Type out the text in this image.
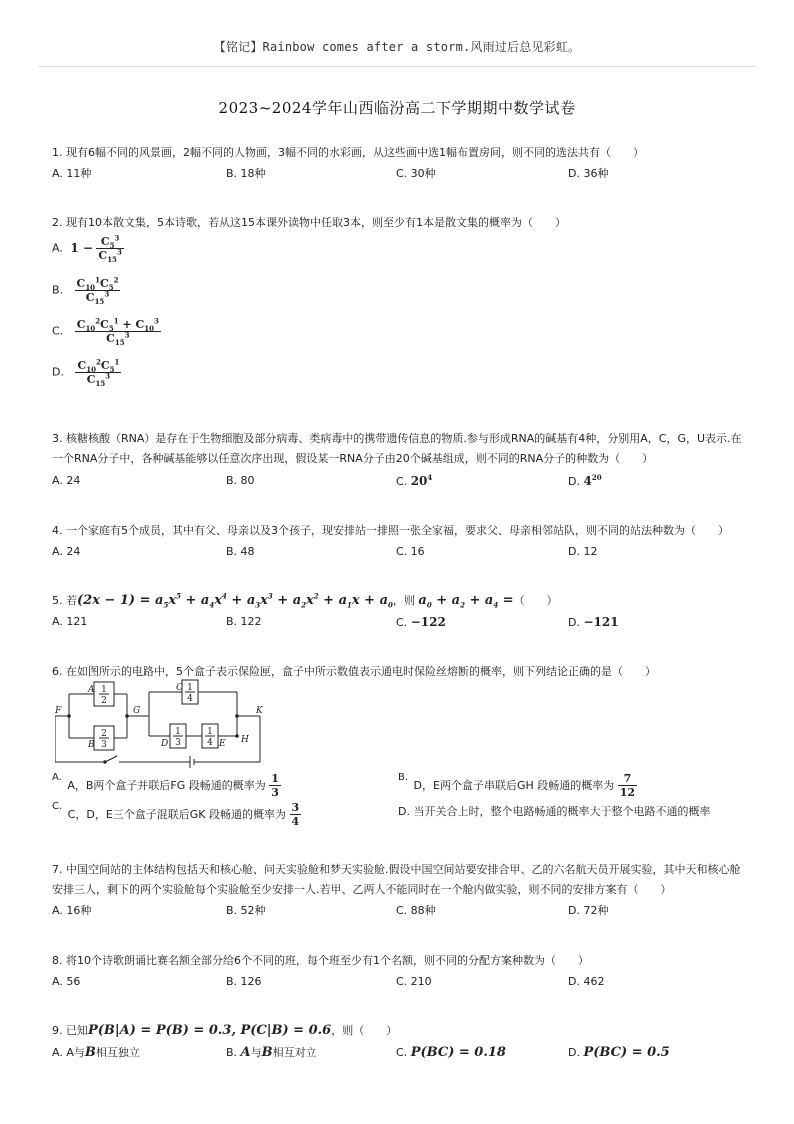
【铭记】Rainbow comes after a storm.风雨过后总见彩虹。
2023~2024学年山西临汾高二下学期期中数学试卷
1. 现有6幅不同的风景画，2幅不同的人物画，3幅不同的水彩画，从这些画中选1幅布置房间，则不同的选法共有（　　）
A. 11种	B. 18种	C. 30种	D. 36种
2. 现有10本散文集，5本诗歌，若从这15本课外读物中任取3本，则至少有1本是散文集的概率为（　　）
A. $1 - \frac{C_5^3}{C_{15}^3}$
B. $\frac{C_{10}^1C_5^2}{C_{15}^3}$
C. $\frac{C_{10}^2C_5^1 + C_{10}^3}{C_{15}^3}$
D. $\frac{C_{10}^2C_5^1}{C_{15}^3}$
3. 核糖核酸（RNA）是存在于生物细胞及部分病毒、类病毒中的携带遗传信息的物质.参与形成RNA的碱基有4种，分别用A，C，G，U表示.在
一个RNA分子中，各种碱基能够以任意次序出现，假设某一RNA分子由20个碱基组成，则不同的RNA分子的种数为（　　）
A. 24	B. 80	C. $20^4$	D. $4^{20}$
4. 一个家庭有5个成员，其中有父、母亲以及3个孩子，现安排站一排照一张全家福，要求父、母亲相邻站队，则不同的站法种数为（　　）
A. 24	B. 48	C. 16	D. 12
5. 若$(2x - 1) = a_5x^5 + a_4x^4 + a_3x^3 + a_2x^2 + a_1x + a_0$，则 $a_0 + a_2 + a_4$ =（　　）
A. 121	B. 122	C. −122	D. −121
6. 在如图所示的电路中，5个盒子表示保险匣，盒子中所示数值表示通电时保险丝熔断的概率，则下列结论正确的是（　　）
1
2
2
3
1
4
1
3
1
4
F	G	K
H
A
B
C
D	E
A. A，B两个盒子并联后FG 段畅通的概率为 $\frac{1}{3}$	B. D，E两个盒子串联后GH 段畅通的概率为 $\frac{7}{12}$
C. C，D，E三个盒子混联后GK 段畅通的概率为 $\frac{3}{4}$	D. 当开关合上时，整个电路畅通的概率大于整个电路不通的概率
7. 中国空间站的主体结构包括天和核心舱、问天实验舱和梦天实验舱.假设中国空间站要安排合甲、乙的六名航天员开展实验，其中天和核心舱
安排三人，剩下的两个实验舱每个实验舱至少安排一人.若甲、乙两人不能同时在一个舱内做实验，则不同的安排方案有（　　）
A. 16种	B. 52种	C. 88种	D. 72种
8. 将10个诗歌朗诵比赛名额全部分给6个不同的班，每个班至少有1个名额，则不同的分配方案种数为（　　）
A. 56	B. 126	C. 210	D. 462
9. 已知P(B|A) = P(B) = 0.3, P(C|B) = 0.6，则（　　）
A. A与B相互独立	B. A与B相互对立	C. P(BC) = 0.18	D. P(BC) = 0.5
